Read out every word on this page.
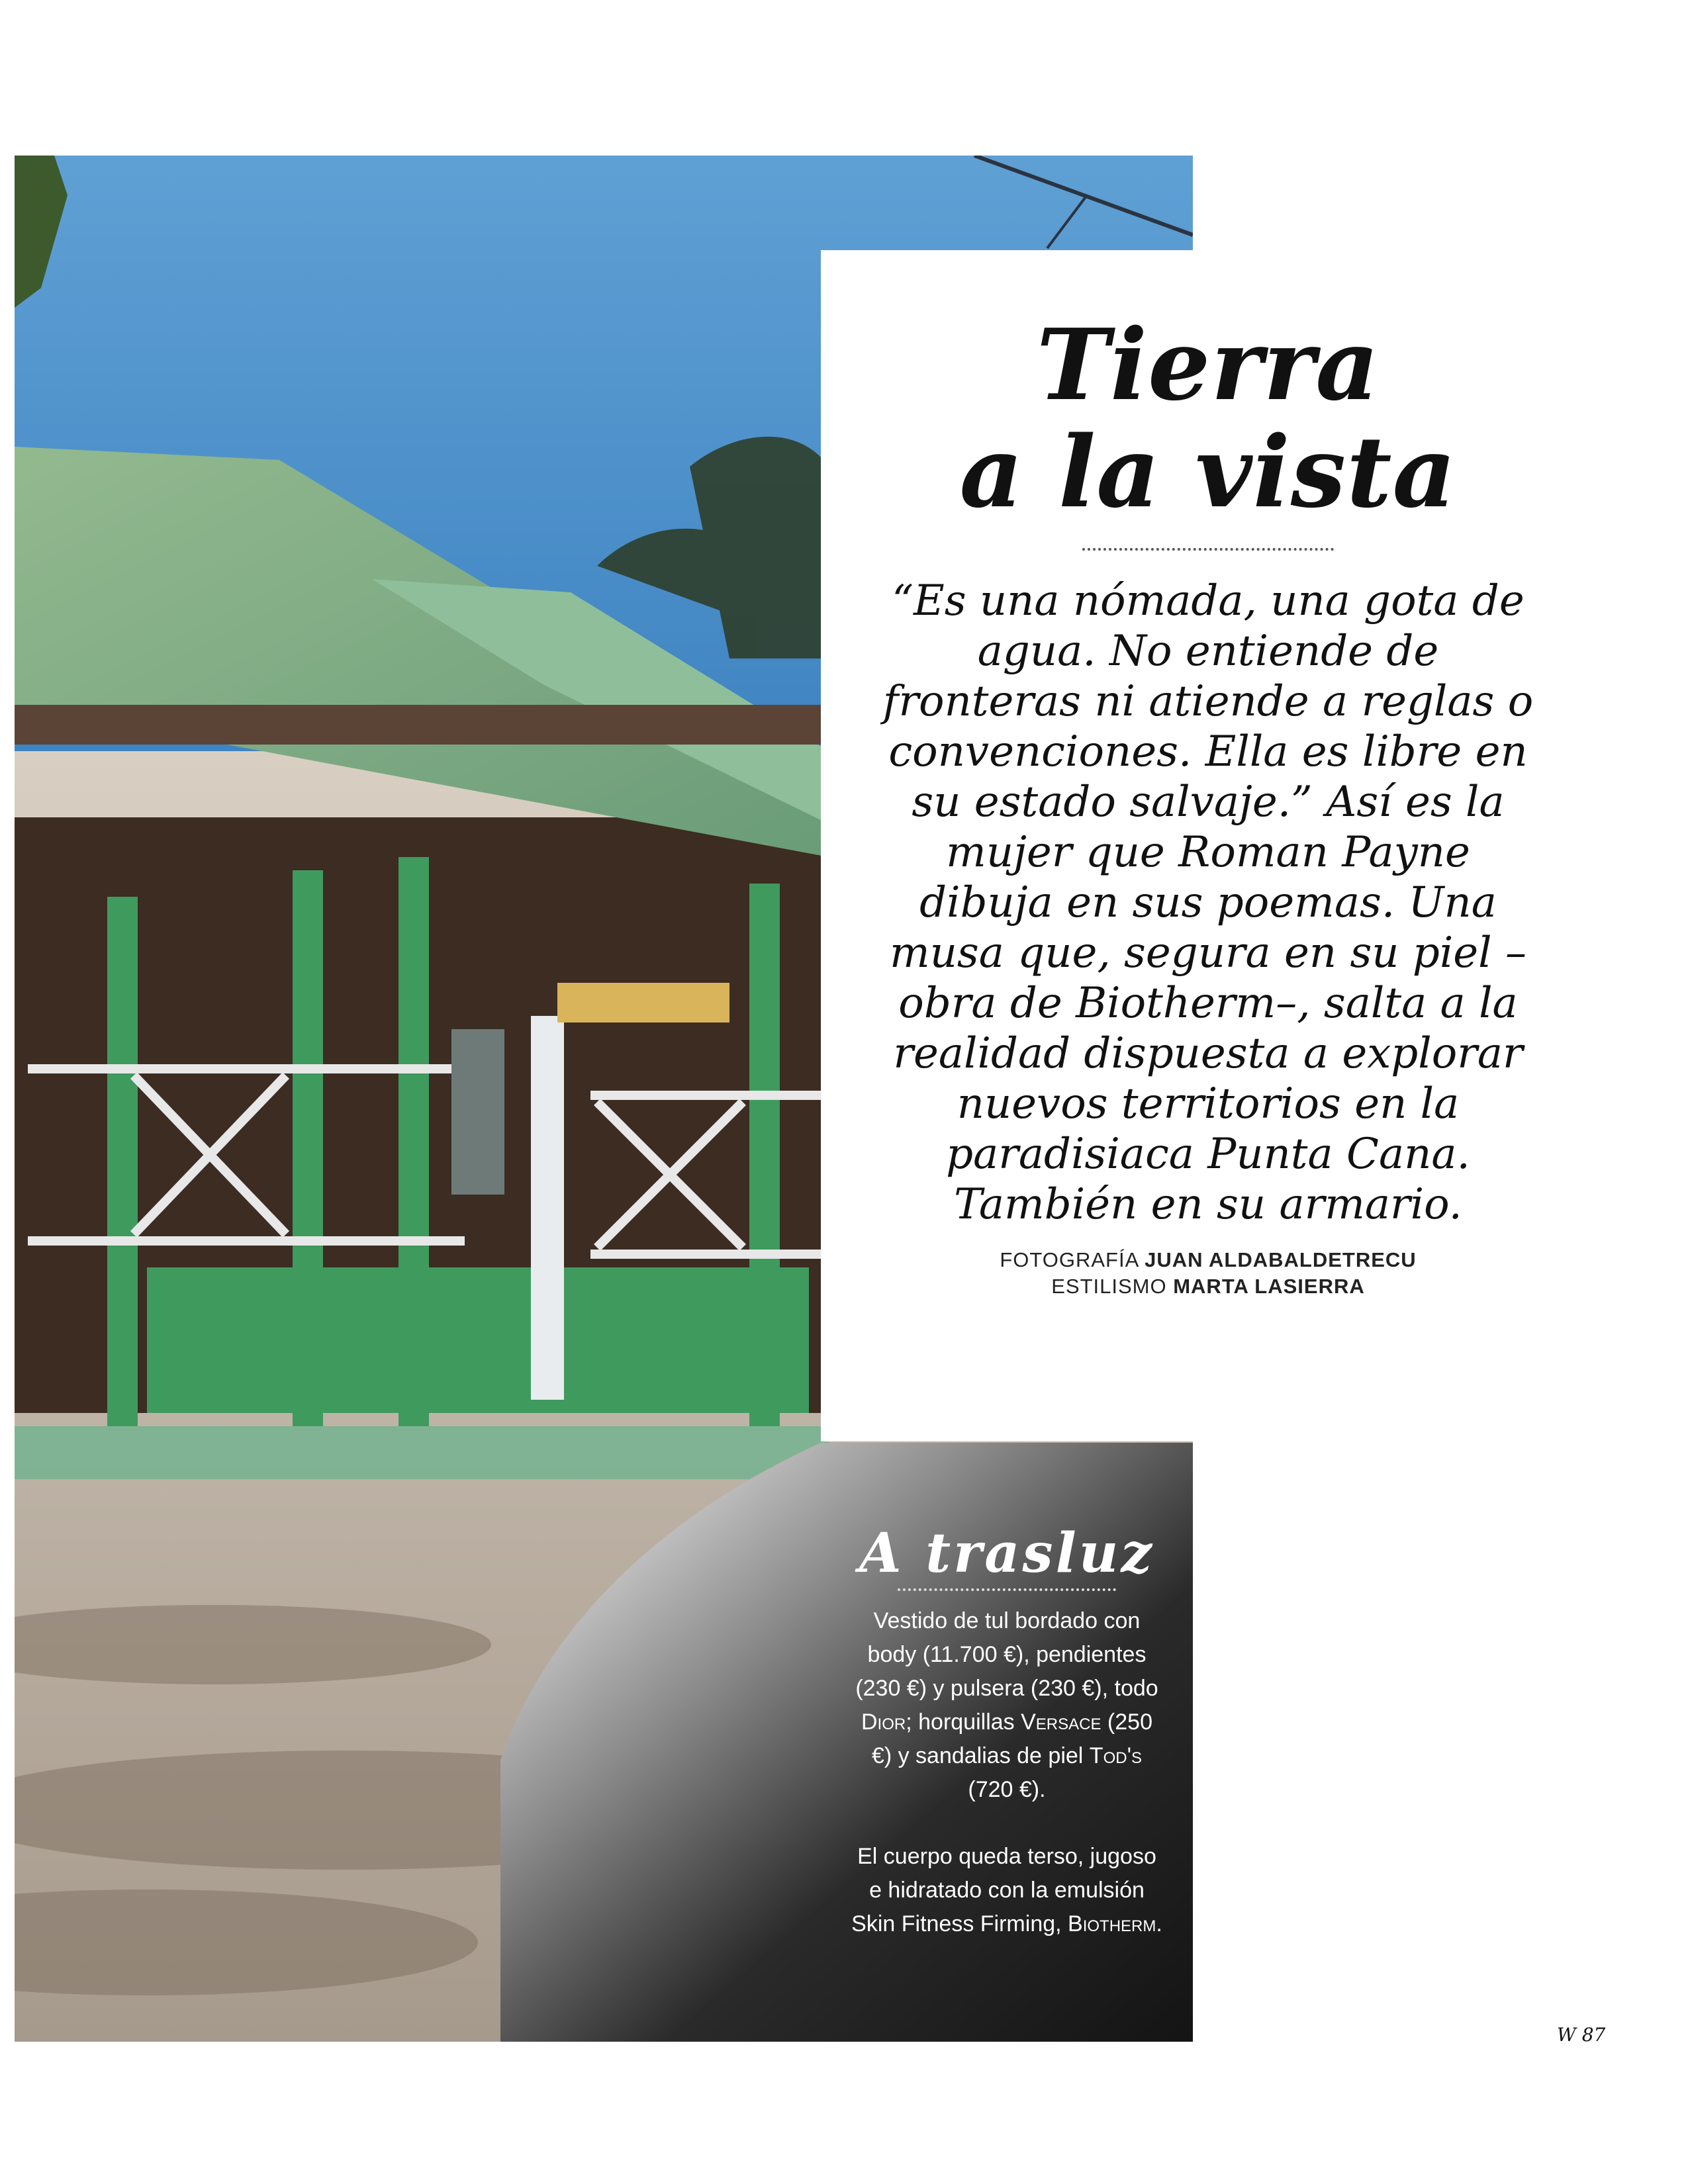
Tierra
a la vista

“Es una nómada, una gota de agua. No entiende de fronteras ni atiende a reglas o convenciones. Ella es libre en su estado salvaje.” Así es la mujer que Roman Payne dibuja en sus poemas. Una musa que, segura en su piel –obra de Biotherm–, salta a la realidad dispuesta a explorar nuevos territorios en la paradisiaca Punta Cana. También en su armario.

FOTOGRAFÍA JUAN ALDABALDETRECU
ESTILISMO MARTA LASIERRA
A trasluz

Vestido de tul bordado con body (11.700 €), pendientes (230 €) y pulsera (230 €), todo Dior; horquillas Versace (250 €) y sandalias de piel Tod's (720 €).

El cuerpo queda terso, jugoso e hidratado con la emulsión Skin Fitness Firming, Biotherm.

W 87
